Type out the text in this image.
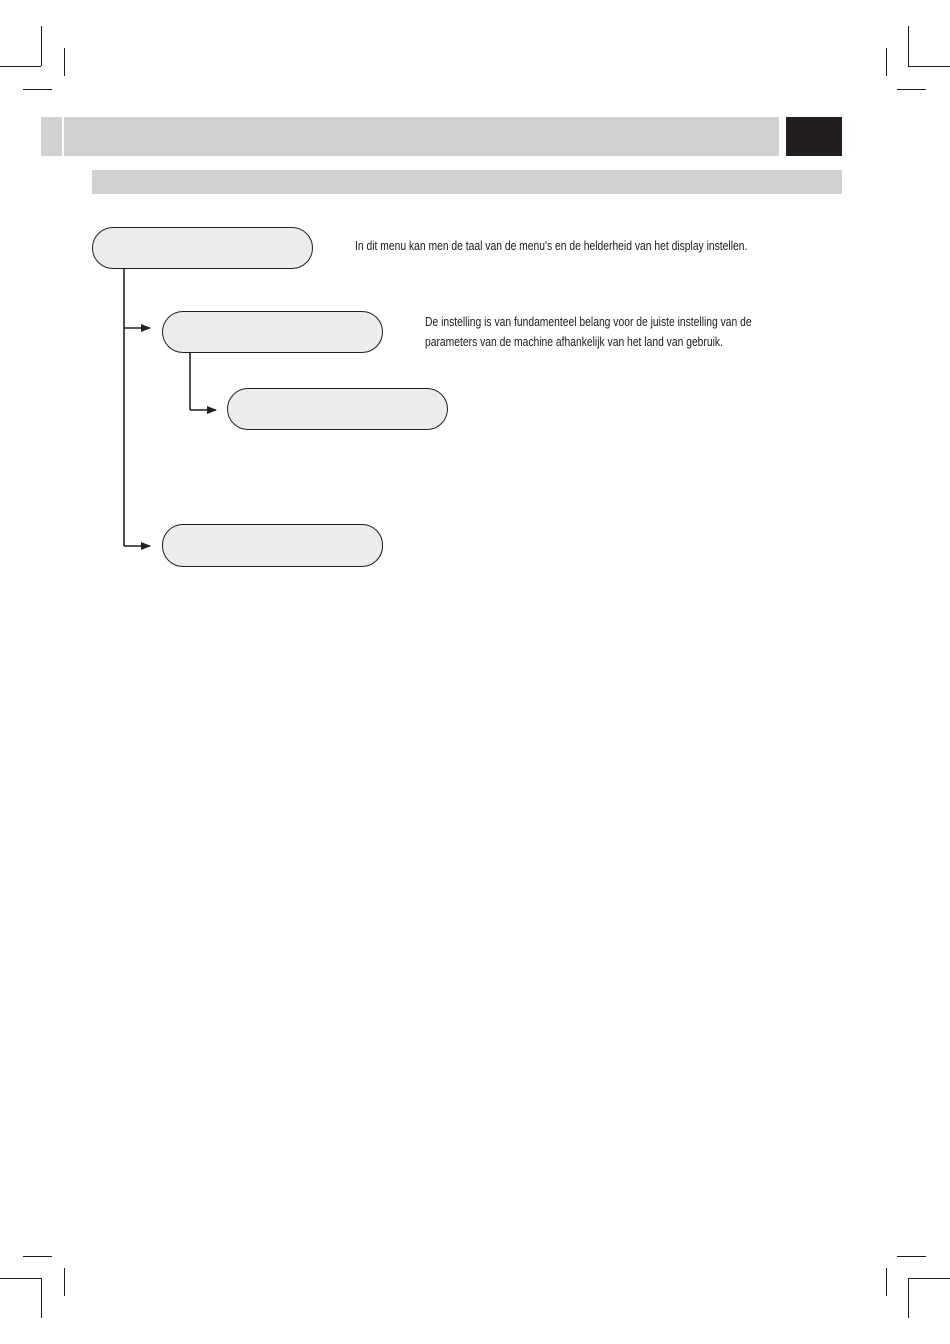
In dit menu kan men de taal van de menu's en de helderheid van het display instellen.
De instelling is van fundamenteel belang voor de juiste instelling van de
parameters van de machine afhankelijk van het land van gebruik.
